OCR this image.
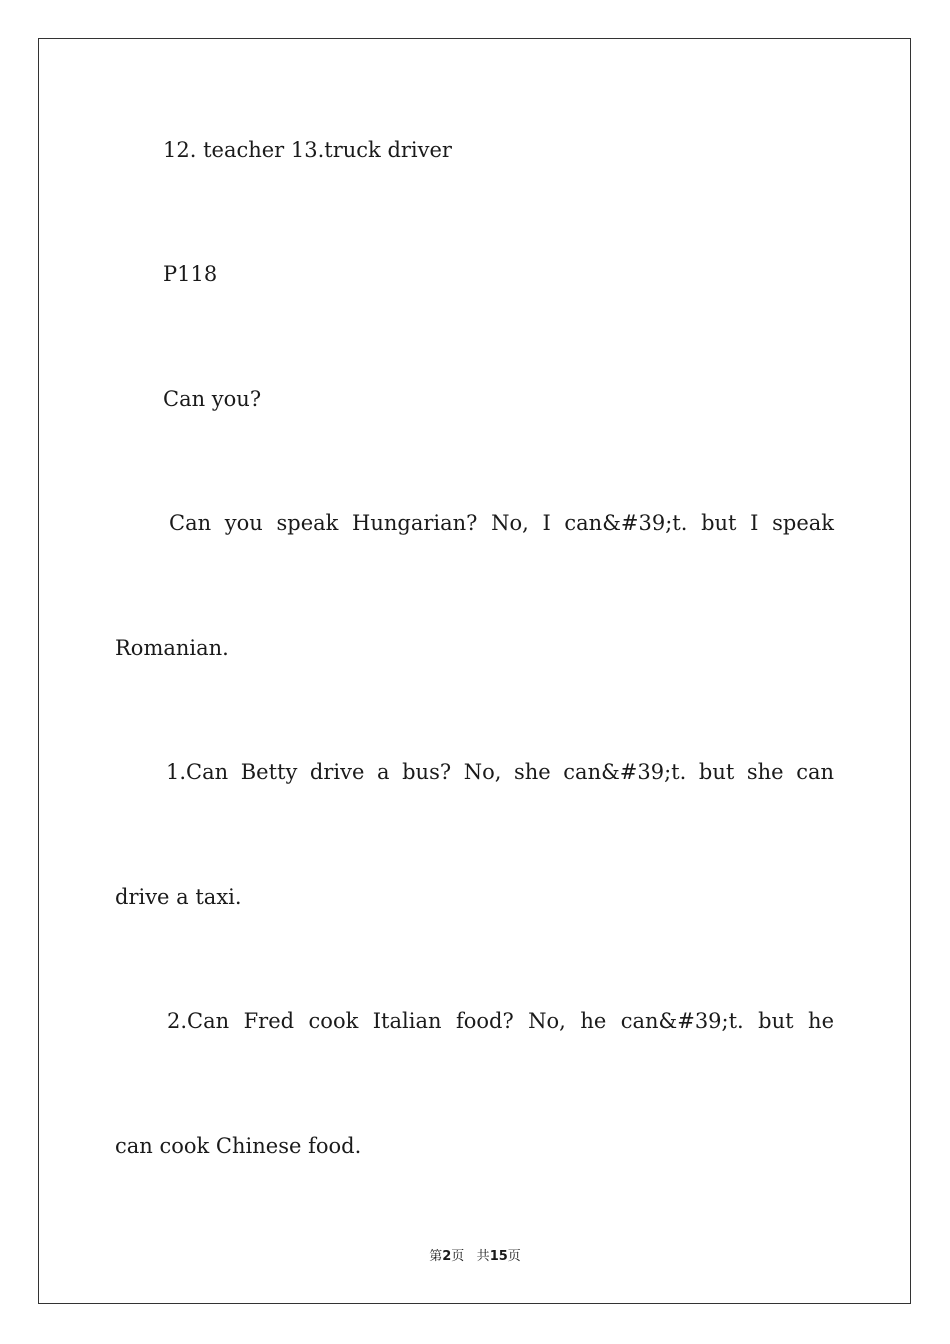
12. teacher 13.truck driver

P118

Can you?

Can you speak Hungarian? No, I can&#39;t. but I speak

Romanian.

1.Can Betty drive a bus? No, she can&#39;t. but she can

drive a taxi.

2.Can Fred cook Italian food? No, he can&#39;t. but he

can cook Chinese food.

第2页 共15页
